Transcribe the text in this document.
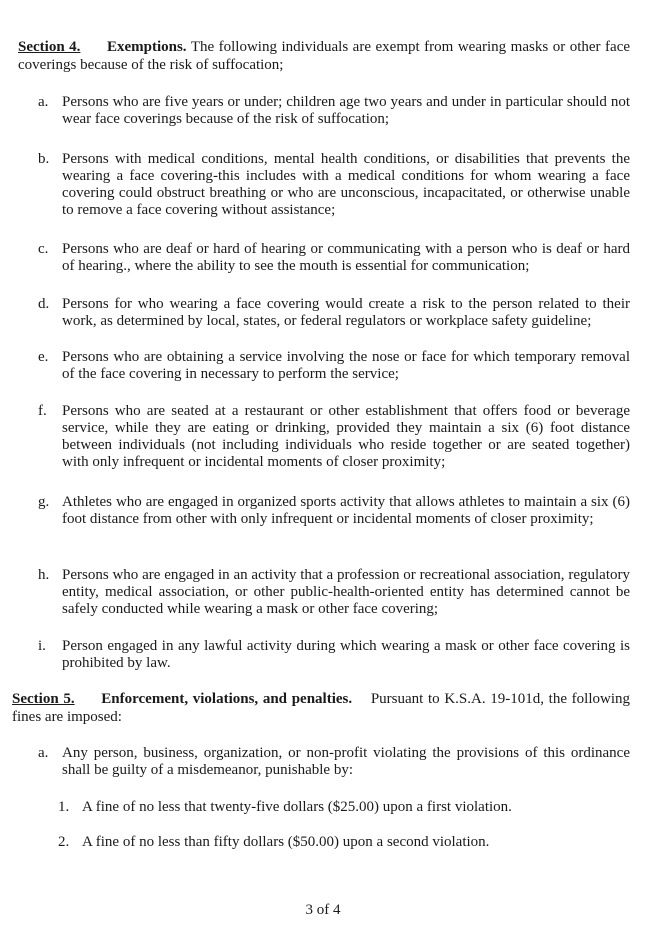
Section 4. Exemptions. The following individuals are exempt from wearing masks or other face coverings because of the risk of suffocation;
a. Persons who are five years or under; children age two years and under in particular should not wear face coverings because of the risk of suffocation;
b. Persons with medical conditions, mental health conditions, or disabilities that prevents the wearing a face covering-this includes with a medical conditions for whom wearing a face covering could obstruct breathing or who are unconscious, incapacitated, or otherwise unable to remove a face covering without assistance;
c. Persons who are deaf or hard of hearing or communicating with a person who is deaf or hard of hearing., where the ability to see the mouth is essential for communication;
d. Persons for who wearing a face covering would create a risk to the person related to their work, as determined by local, states, or federal regulators or workplace safety guideline;
e. Persons who are obtaining a service involving the nose or face for which temporary removal of the face covering in necessary to perform the service;
f. Persons who are seated at a restaurant or other establishment that offers food or beverage service, while they are eating or drinking, provided they maintain a six (6) foot distance between individuals (not including individuals who reside together or are seated together) with only infrequent or incidental moments of closer proximity;
g. Athletes who are engaged in organized sports activity that allows athletes to maintain a six (6) foot distance from other with only infrequent or incidental moments of closer proximity;
h. Persons who are engaged in an activity that a profession or recreational association, regulatory entity, medical association, or other public-health-oriented entity has determined cannot be safely conducted while wearing a mask or other face covering;
i. Person engaged in any lawful activity during which wearing a mask or other face covering is prohibited by law.
Section 5. Enforcement, violations, and penalties. Pursuant to K.S.A. 19-101d, the following fines are imposed:
a. Any person, business, organization, or non-profit violating the provisions of this ordinance shall be guilty of a misdemeanor, punishable by:
1. A fine of no less that twenty-five dollars ($25.00) upon a first violation.
2. A fine of no less than fifty dollars ($50.00) upon a second violation.
3 of 4
